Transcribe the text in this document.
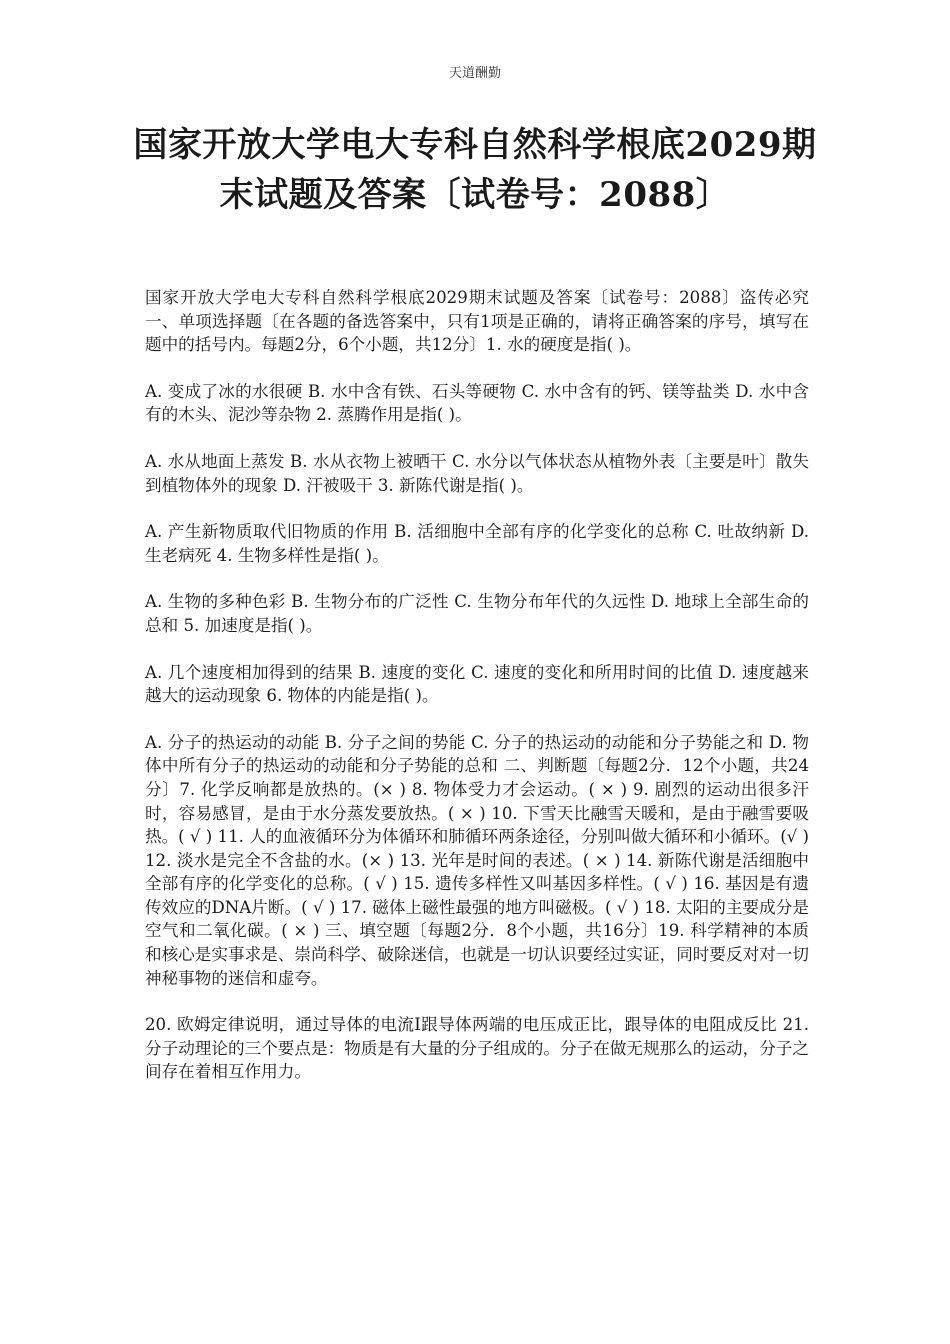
天道酬勤
国家开放大学电大专科自然科学根底2029期末试题及答案〔试卷号：2088〕

国家开放大学电大专科自然科学根底2029期末试题及答案〔试卷号：2088〕盗传必究 一、单项选择题〔在各题的备选答案中，只有1项是正确的，请将正确答案的序号，填写在题中的括号内。每题2分，6个小题，共12分〕1. 水的硬度是指( )。

A. 变成了冰的水很硬 B. 水中含有铁、石头等硬物 C. 水中含有的钙、镁等盐类 D. 水中含有的木头、泥沙等杂物 2. 蒸腾作用是指( )。

A. 水从地面上蒸发 B. 水从衣物上被晒干 C. 水分以气体状态从植物外表〔主要是叶〕散失到植物体外的现象 D. 汗被吸干 3. 新陈代谢是指( )。

A. 产生新物质取代旧物质的作用 B. 活细胞中全部有序的化学变化的总称 C. 吐故纳新 D. 生老病死 4. 生物多样性是指( )。

A. 生物的多种色彩 B. 生物分布的广泛性 C. 生物分布年代的久远性 D. 地球上全部生命的总和 5. 加速度是指( )。

A. 几个速度相加得到的结果 B. 速度的变化 C. 速度的变化和所用时间的比值 D. 速度越来越大的运动现象 6. 物体的内能是指( )。

A. 分子的热运动的动能 B. 分子之间的势能 C. 分子的热运动的动能和分子势能之和 D. 物体中所有分子的热运动的动能和分子势能的总和 二、判断题〔每题2分．12个小题，共24分〕7. 化学反响都是放热的。(× ) 8. 物体受力才会运动。( × ) 9. 剧烈的运动出很多汗时，容易感冒，是由于水分蒸发要放热。( × ) 10. 下雪天比融雪天暖和，是由于融雪要吸热。( √ ) 11. 人的血液循环分为体循环和肺循环两条途径，分别叫做大循环和小循环。(√ ) 12. 淡水是完全不含盐的水。(× ) 13. 光年是时间的表述。( × ) 14. 新陈代谢是活细胞中全部有序的化学变化的总称。( √ ) 15. 遗传多样性又叫基因多样性。( √ ) 16. 基因是有遗传效应的DNA片断。( √ ) 17. 磁体上磁性最强的地方叫磁极。( √ ) 18. 太阳的主要成分是空气和二氧化碳。( × ) 三、填空题〔每题2分．8个小题，共16分〕19. 科学精神的本质和核心是实事求是、崇尚科学、破除迷信，也就是一切认识要经过实证，同时要反对对一切神秘事物的迷信和虚夸。

20. 欧姆定律说明，通过导体的电流I跟导体两端的电压成正比，跟导体的电阻成反比 21. 分子动理论的三个要点是：物质是有大量的分子组成的。分子在做无规那么的运动，分子之间存在着相互作用力。
